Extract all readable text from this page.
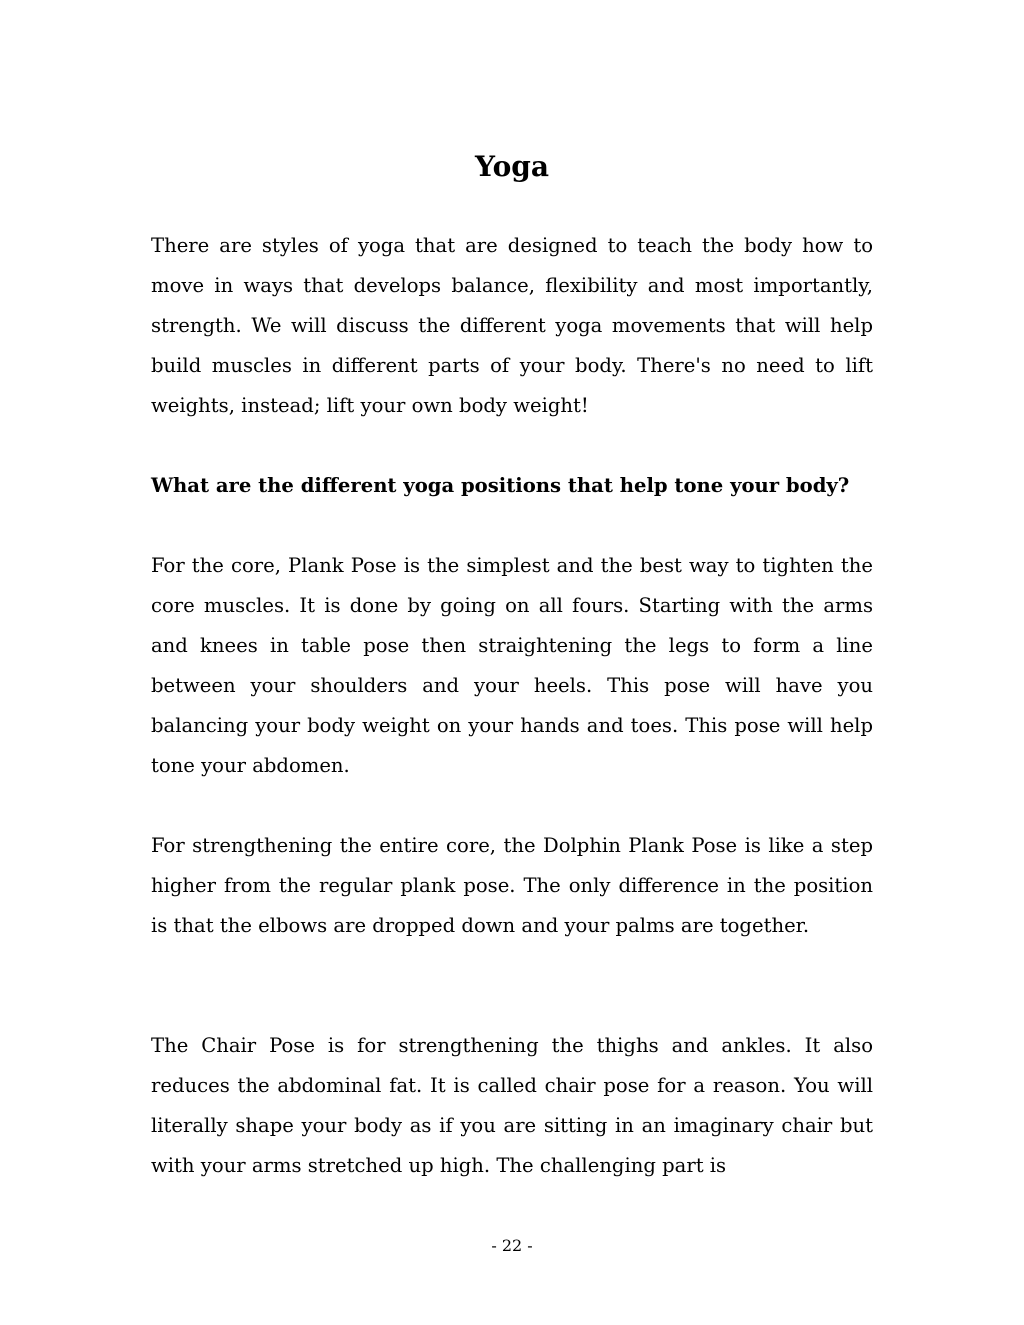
Yoga

There are styles of yoga that are designed to teach the body how to move in ways that develops balance, flexibility and most importantly, strength. We will discuss the different yoga movements that will help build muscles in different parts of your body. There's no need to lift weights, instead; lift your own body weight!

What are the different yoga positions that help tone your body?

For the core, Plank Pose is the simplest and the best way to tighten the core muscles. It is done by going on all fours. Starting with the arms and knees in table pose then straightening the legs to form a line between your shoulders and your heels. This pose will have you balancing your body weight on your hands and toes. This pose will help tone your abdomen.

For strengthening the entire core, the Dolphin Plank Pose is like a step higher from the regular plank pose. The only difference in the position is that the elbows are dropped down and your palms are together.

The Chair Pose is for strengthening the thighs and ankles. It also reduces the abdominal fat. It is called chair pose for a reason. You will literally shape your body as if you are sitting in an imaginary chair but with your arms stretched up high. The challenging part is

- 22 -
